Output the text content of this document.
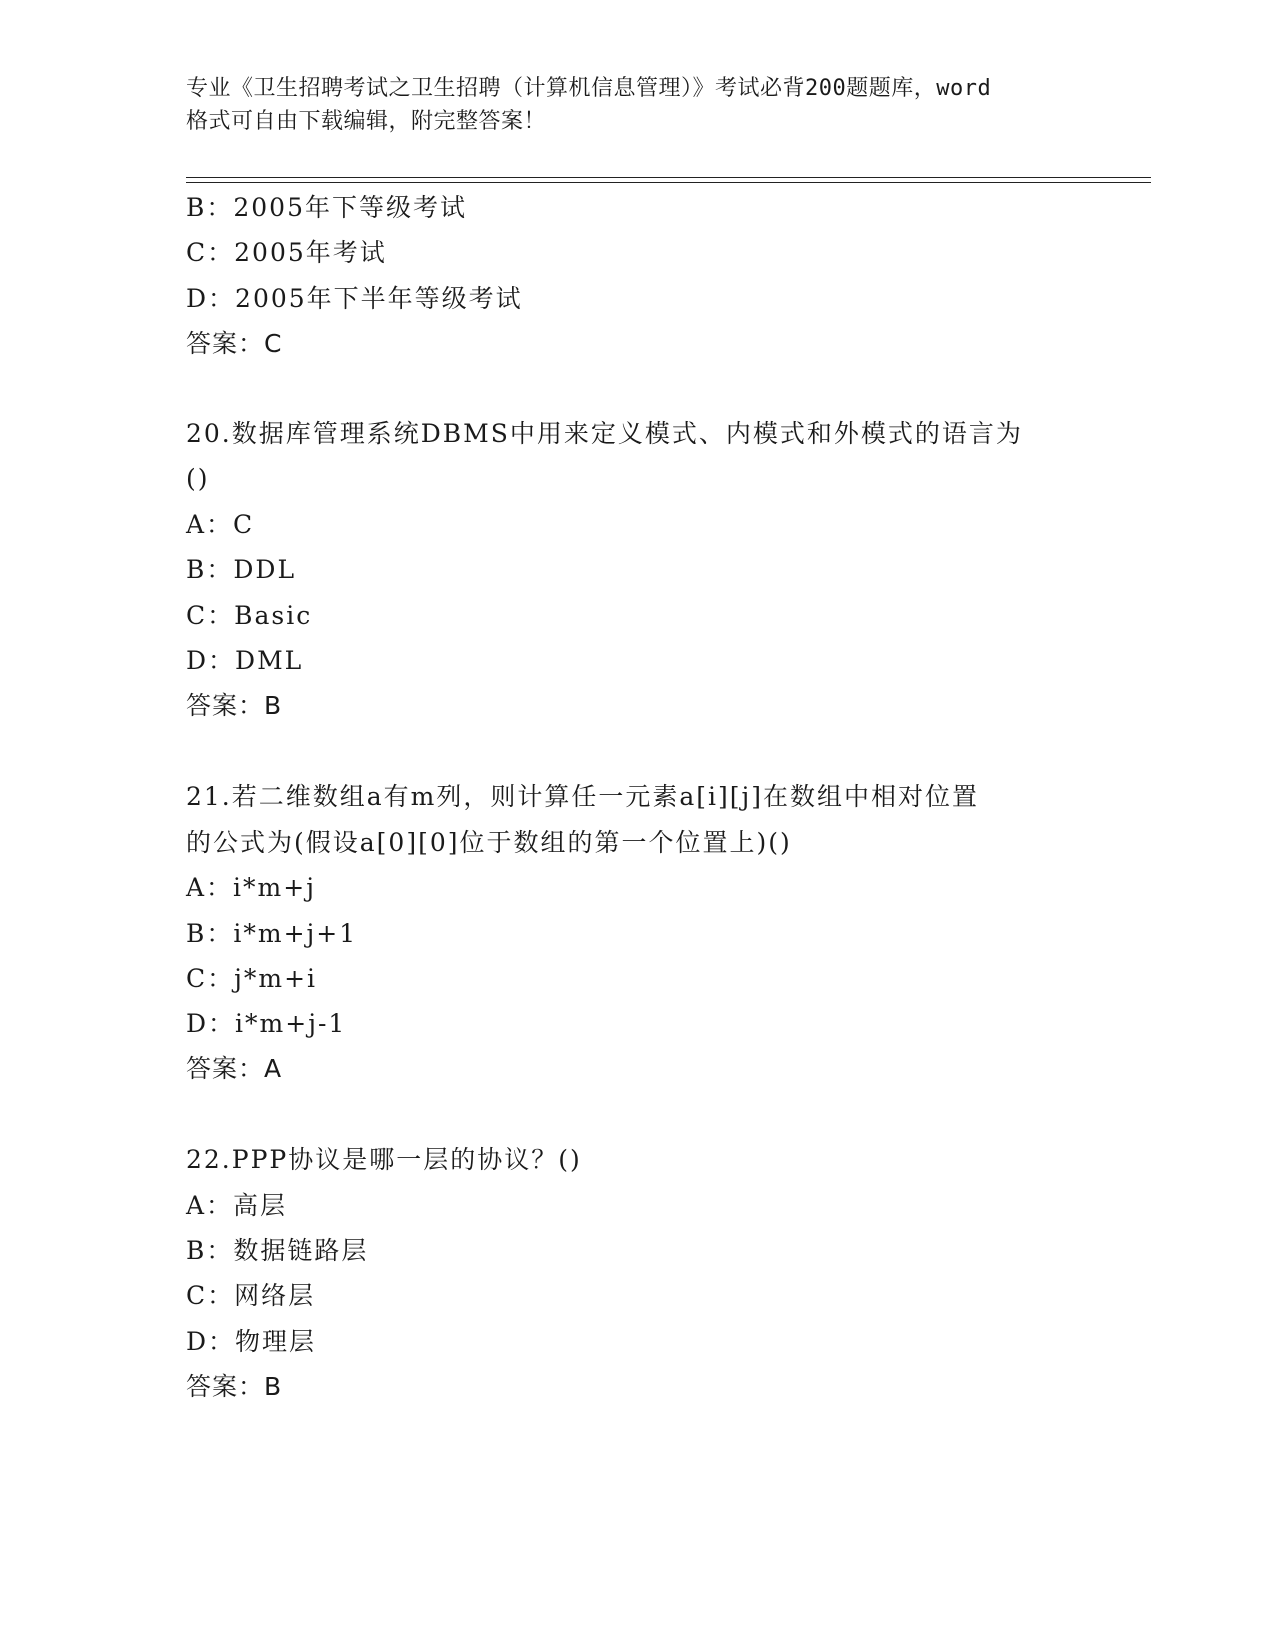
专业《卫生招聘考试之卫生招聘（计算机信息管理）》考试必背200题题库，word
格式可自由下载编辑，附完整答案！
B：2005年下等级考试
C：2005年考试
D：2005年下半年等级考试
答案：C
20.数据库管理系统DBMS中用来定义模式、内模式和外模式的语言为
()
A：C
B：DDL
C：Basic
D：DML
答案：B
21.若二维数组a有m列，则计算任一元素a[i][j]在数组中相对位置
的公式为(假设a[0][0]位于数组的第一个位置上)()
A：i*m+j
B：i*m+j+1
C：j*m+i
D：i*m+j-1
答案：A
22.PPP协议是哪一层的协议？()
A：高层
B：数据链路层
C：网络层
D：物理层
答案：B
